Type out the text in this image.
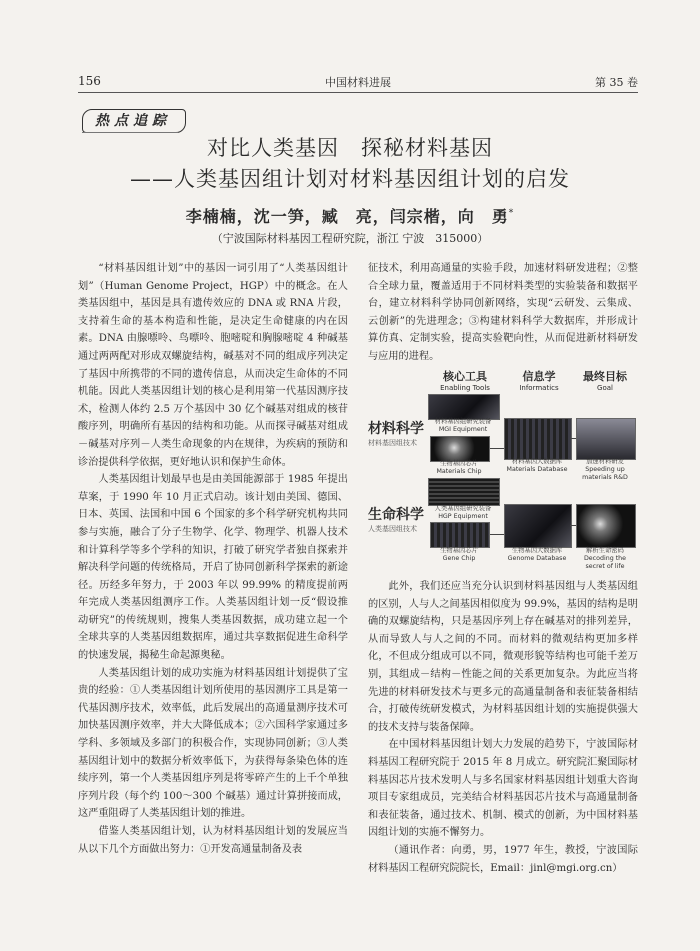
156	中国材料进展	第 35 卷
热点追踪
对比人类基因　探秘材料基因
——人类基因组计划对材料基因组计划的启发
李楠楠，沈一笋，臧　亮，闫宗楷，向　勇*
（宁波国际材料基因工程研究院，浙江 宁波　315000）

“材料基因组计划”中的基因一词引用了“人类基因组计划”（Human Genome Project，HGP）中的概念。在人类基因组中，基因是具有遗传效应的 DNA 或 RNA 片段，支持着生命的基本构造和性能，是决定生命健康的内在因素。DNA 由腺嘌呤、鸟嘌呤、胞嘧啶和胸腺嘧啶 4 种碱基通过两两配对形成双螺旋结构，碱基对不同的组成序列决定了基因中所携带的不同的遗传信息，从而决定生命体的不同机能。因此人类基因组计划的核心是利用第一代基因测序技术，检测人体约 2.5 万个基因中 30 亿个碱基对组成的核苷酸序列，明确所有基因的结构和功能。从而探寻碱基对组成－碱基对序列－人类生命现象的内在规律，为疾病的预防和诊治提供科学依据，更好地认识和保护生命体。

人类基因组计划最早也是由美国能源部于 1985 年提出草案，于 1990 年 10 月正式启动。该计划由美国、德国、日本、英国、法国和中国 6 个国家的多个科学研究机构共同参与实施，融合了分子生物学、化学、物理学、机器人技术和计算科学等多个学科的知识，打破了研究学者独自探索并解决科学问题的传统格局，开启了协同创新科学探索的新途径。历经多年努力，于 2003 年以 99.99% 的精度提前两年完成人类基因组测序工作。人类基因组计划一反“假设推动研究”的传统规则，搜集人类基因数据，成功建立起一个全球共享的人类基因组数据库，通过共享数据促进生命科学的快速发展，揭秘生命起源奥秘。

人类基因组计划的成功实施为材料基因组计划提供了宝贵的经验：①人类基因组计划所使用的基因测序工具是第一代基因测序技术，效率低，此后发展出的高通量测序技术可加快基因测序效率，并大大降低成本；②六国科学家通过多学科、多领域及多部门的积极合作，实现协同创新；③人类基因组计划中的数据分析效率低下，为获得每条染色体的连续序列，第一个人类基因组序列是将零碎产生的上千个单独序列片段（每个约 100～300 个碱基）通过计算拼接而成，这严重阻碍了人类基因组计划的推进。

借鉴人类基因组计划，认为材料基因组计划的发展应当从以下几个方面做出努力：①开发高通量制备及表

征技术，利用高通量的实验手段，加速材料研发进程；②整合全球力量，覆盖适用于不同材料类型的实验装备和数据平台，建立材料科学协同创新网络，实现“云研发、云集成、云创新”的先进理念；③构建材料科学大数据库，并形成计算仿真、定制实验，提高实验靶向性，从而促进新材料研发与应用的进程。

核心工具
Enabling Tools
信息学
Informatics
最终目标
Goal
材料科学
材料基因组技术
材料基因组研究装备
MGI Equipment
生物基因芯片
Materials Chip
材料基因大数据库
Materials Database
加速材料研发
Speeding up materials R&D
生命科学
人类基因组技术
人类基因组研究装备
HGP Equipment
生物基因芯片
Gene Chip
生物基因大数据库
Genome Database
解析生命密码
Decoding the secret of life

此外，我们还应当充分认识到材料基因组与人类基因组的区别，人与人之间基因相似度为 99.9%，基因的结构是明确的双螺旋结构，只是基因序列上存在碱基对的排列差异，从而导致人与人之间的不同。而材料的微观结构更加多样化，不但成分组成可以不同，微观形貌等结构也可能千差万别，其组成－结构－性能之间的关系更加复杂。为此应当将先进的材料研发技术与更多元的高通量制备和表征装备相结合，打破传统研发模式，为材料基因组计划的实施提供强大的技术支持与装备保障。

在中国材料基因组计划大力发展的趋势下，宁波国际材料基因工程研究院于 2015 年 8 月成立。研究院汇聚国际材料基因芯片技术发明人与多名国家材料基因组计划重大咨询项目专家组成员，完美结合材料基因芯片技术与高通量制备和表征装备，通过技术、机制、模式的创新，为中国材料基因组计划的实施不懈努力。

（通讯作者：向勇，男，1977 年生，教授，宁波国际材料基因工程研究院院长，Email：jinl@mgi.org.cn）
